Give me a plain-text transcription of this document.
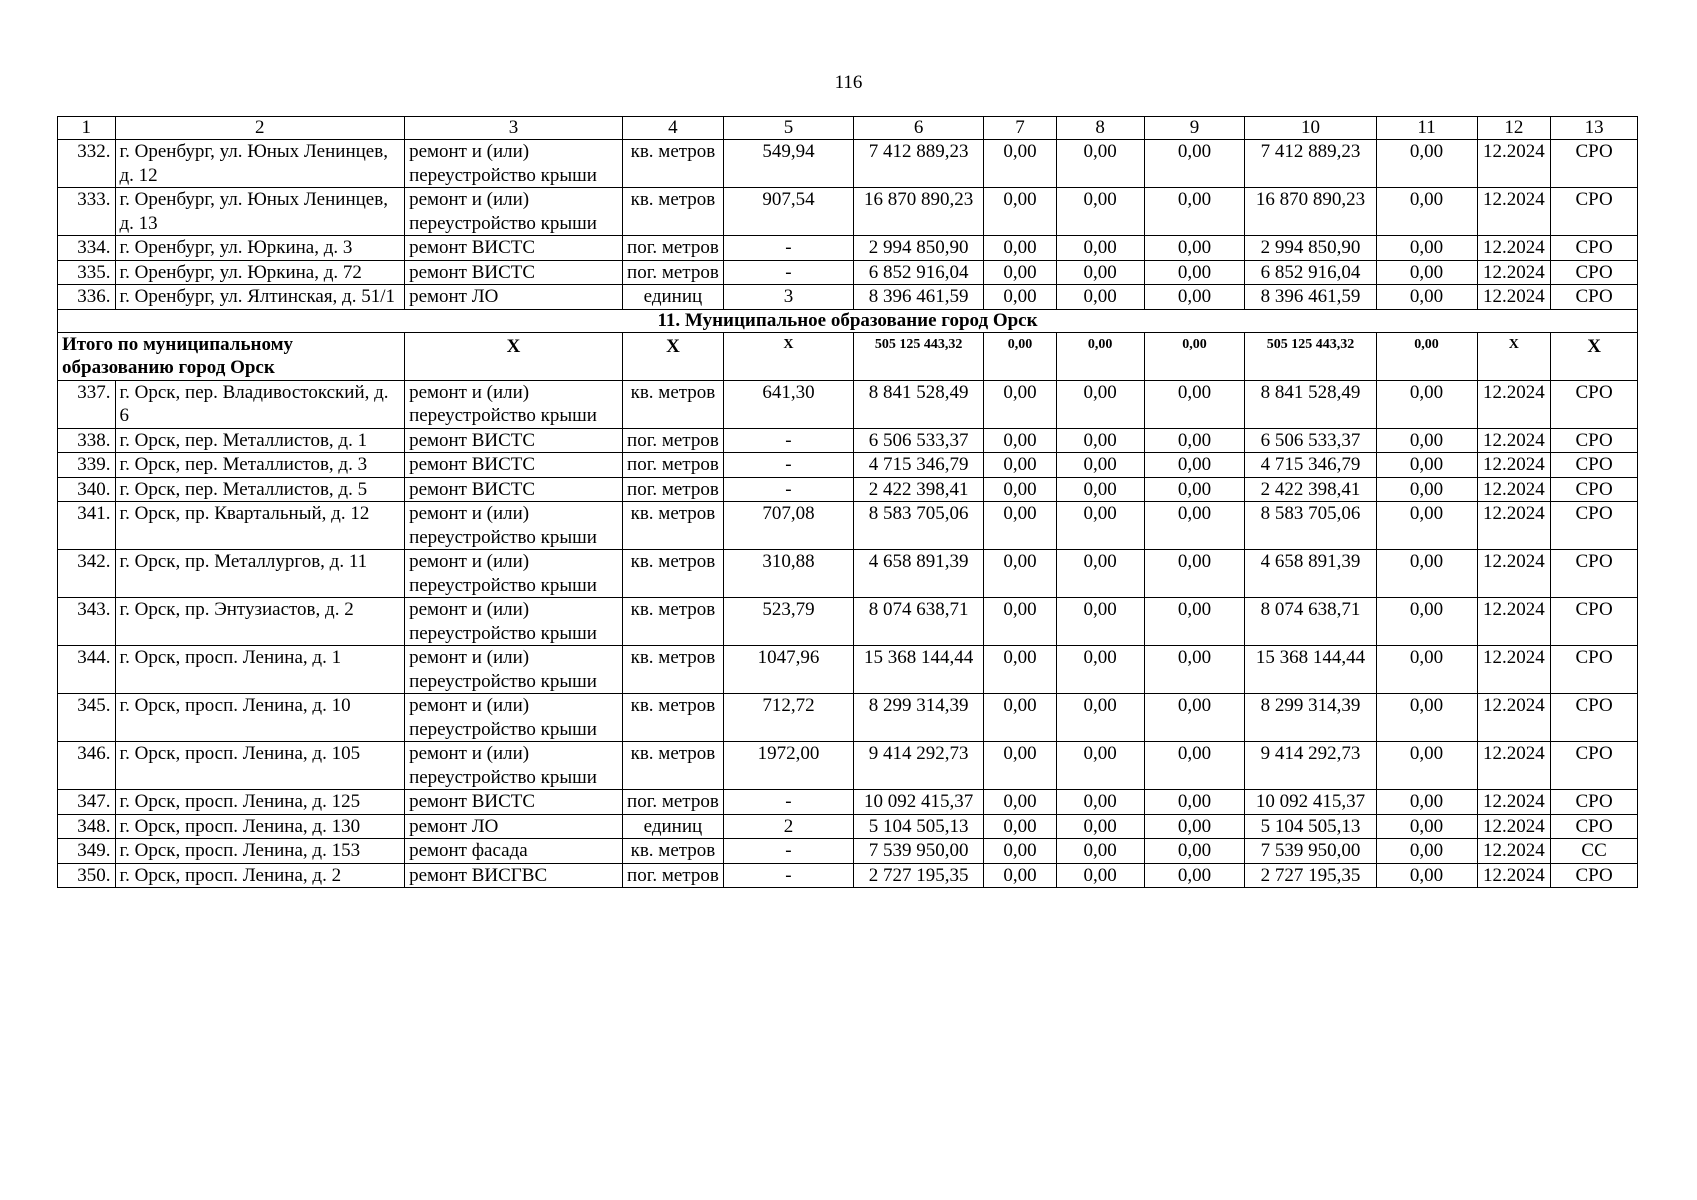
116
1	2	3	4	5	6	7	8	9	10	11	12	13
332.	г. Оренбург, ул. Юных Ленинцев, д. 12	ремонт и (или) переустройство крыши	кв. метров	549,94	7 412 889,23	0,00	0,00	0,00	7 412 889,23	0,00	12.2024	СРО
333.	г. Оренбург, ул. Юных Ленинцев, д. 13	ремонт и (или) переустройство крыши	кв. метров	907,54	16 870 890,23	0,00	0,00	0,00	16 870 890,23	0,00	12.2024	СРО
334.	г. Оренбург, ул. Юркина, д. 3	ремонт ВИСТС	пог. метров	-	2 994 850,90	0,00	0,00	0,00	2 994 850,90	0,00	12.2024	СРО
335.	г. Оренбург, ул. Юркина, д. 72	ремонт ВИСТС	пог. метров	-	6 852 916,04	0,00	0,00	0,00	6 852 916,04	0,00	12.2024	СРО
336.	г. Оренбург, ул. Ялтинская, д. 51/1	ремонт ЛО	единиц	3	8 396 461,59	0,00	0,00	0,00	8 396 461,59	0,00	12.2024	СРО
11. Муниципальное образование город Орск												
Итого по муниципальному образованию город Орск		Х	Х	Х	505 125 443,32	0,00	0,00	0,00	505 125 443,32	0,00	Х	Х
337.	г. Орск, пер. Владивостокский, д. 6	ремонт и (или) переустройство крыши	кв. метров	641,30	8 841 528,49	0,00	0,00	0,00	8 841 528,49	0,00	12.2024	СРО
338.	г. Орск, пер. Металлистов, д. 1	ремонт ВИСТС	пог. метров	-	6 506 533,37	0,00	0,00	0,00	6 506 533,37	0,00	12.2024	СРО
339.	г. Орск, пер. Металлистов, д. 3	ремонт ВИСТС	пог. метров	-	4 715 346,79	0,00	0,00	0,00	4 715 346,79	0,00	12.2024	СРО
340.	г. Орск, пер. Металлистов, д. 5	ремонт ВИСТС	пог. метров	-	2 422 398,41	0,00	0,00	0,00	2 422 398,41	0,00	12.2024	СРО
341.	г. Орск, пр. Квартальный, д. 12	ремонт и (или) переустройство крыши	кв. метров	707,08	8 583 705,06	0,00	0,00	0,00	8 583 705,06	0,00	12.2024	СРО
342.	г. Орск, пр. Металлургов, д. 11	ремонт и (или) переустройство крыши	кв. метров	310,88	4 658 891,39	0,00	0,00	0,00	4 658 891,39	0,00	12.2024	СРО
343.	г. Орск, пр. Энтузиастов, д. 2	ремонт и (или) переустройство крыши	кв. метров	523,79	8 074 638,71	0,00	0,00	0,00	8 074 638,71	0,00	12.2024	СРО
344.	г. Орск, просп. Ленина, д. 1	ремонт и (или) переустройство крыши	кв. метров	1047,96	15 368 144,44	0,00	0,00	0,00	15 368 144,44	0,00	12.2024	СРО
345.	г. Орск, просп. Ленина, д. 10	ремонт и (или) переустройство крыши	кв. метров	712,72	8 299 314,39	0,00	0,00	0,00	8 299 314,39	0,00	12.2024	СРО
346.	г. Орск, просп. Ленина, д. 105	ремонт и (или) переустройство крыши	кв. метров	1972,00	9 414 292,73	0,00	0,00	0,00	9 414 292,73	0,00	12.2024	СРО
347.	г. Орск, просп. Ленина, д. 125	ремонт ВИСТС	пог. метров	-	10 092 415,37	0,00	0,00	0,00	10 092 415,37	0,00	12.2024	СРО
348.	г. Орск, просп. Ленина, д. 130	ремонт ЛО	единиц	2	5 104 505,13	0,00	0,00	0,00	5 104 505,13	0,00	12.2024	СРО
349.	г. Орск, просп. Ленина, д. 153	ремонт фасада	кв. метров	-	7 539 950,00	0,00	0,00	0,00	7 539 950,00	0,00	12.2024	СС
350.	г. Орск, просп. Ленина, д. 2	ремонт ВИСГВС	пог. метров	-	2 727 195,35	0,00	0,00	0,00	2 727 195,35	0,00	12.2024	СРО
